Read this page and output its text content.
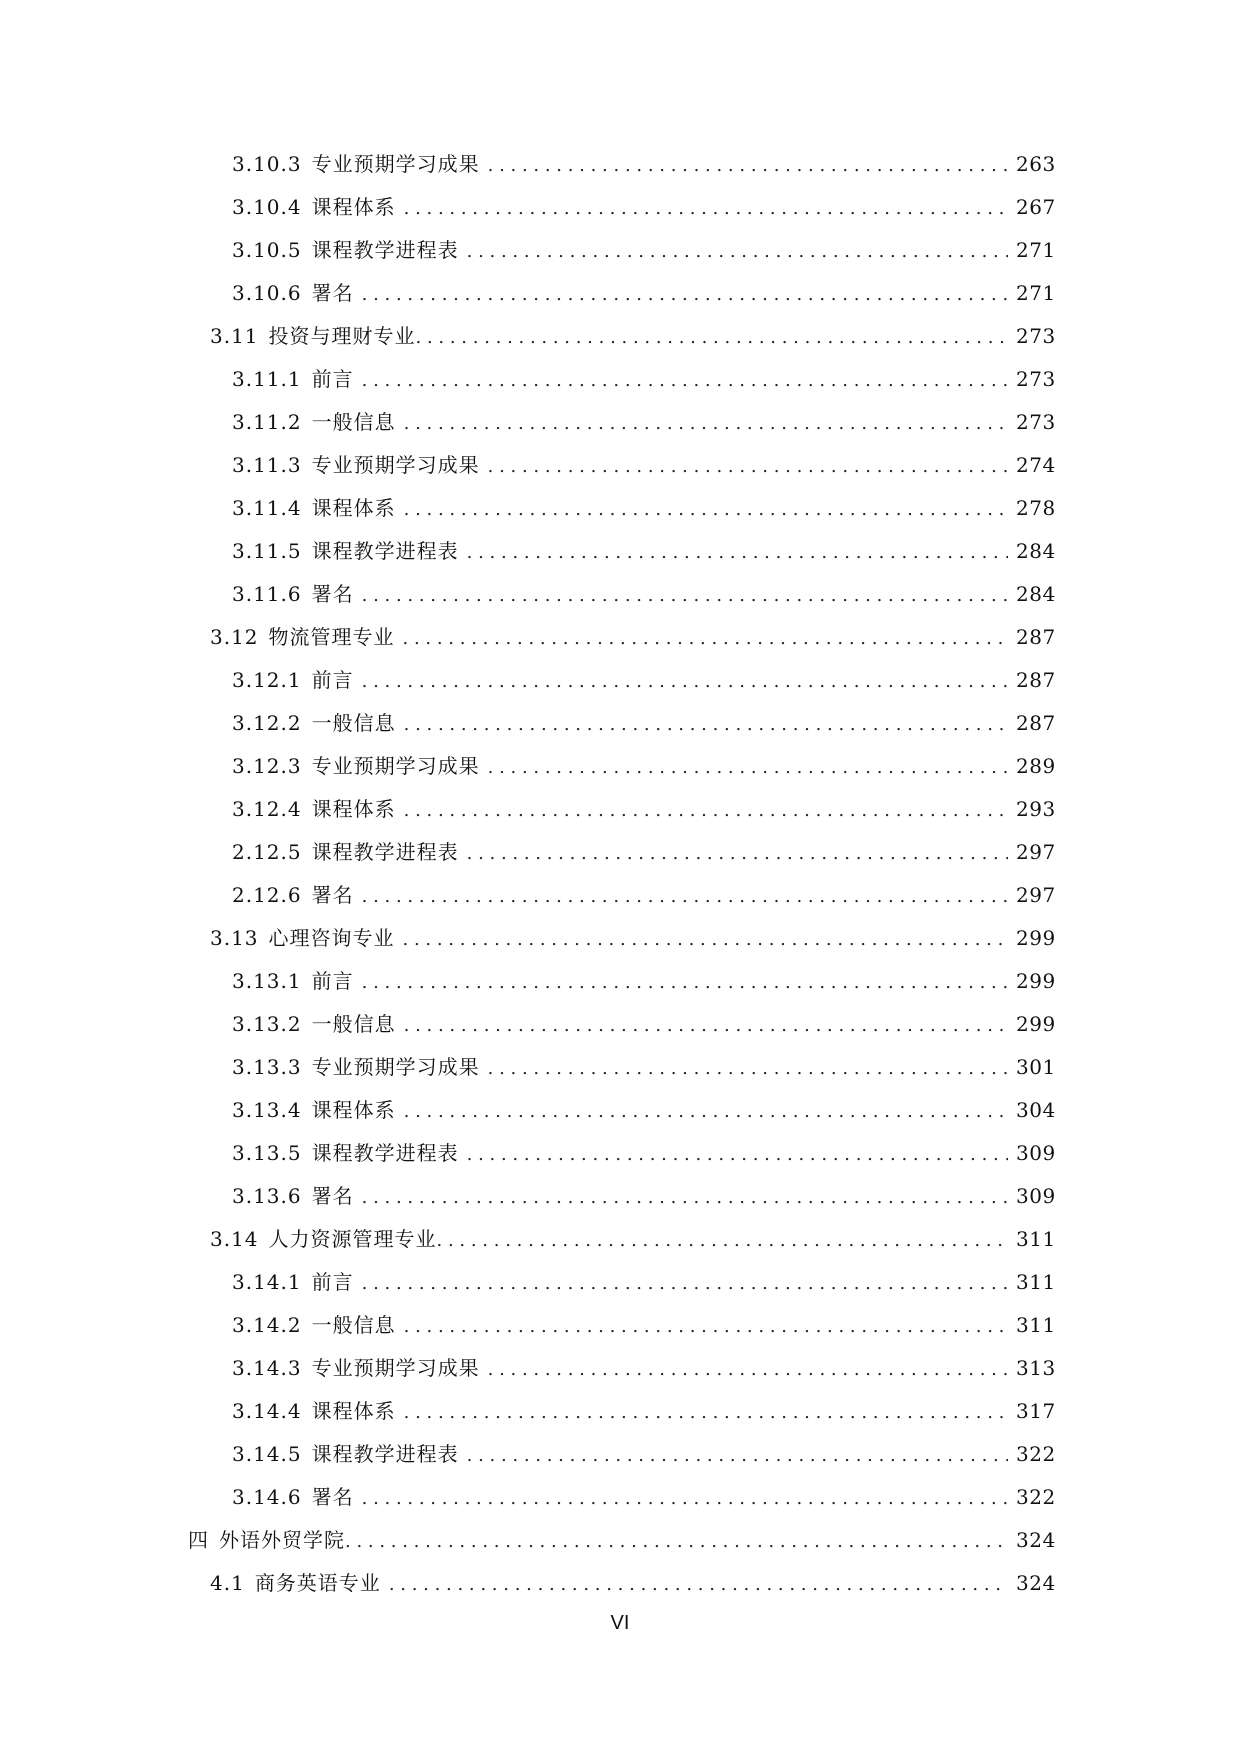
3.10.3 专业预期学习成果 . . .	263
3.10.4 课程体系 . . .	267
3.10.5 课程教学进程表 . . .	271
3.10.6 署名 . . .	271
3.11 投资与理财专业 . . .	273
3.11.1 前言 . . .	273
3.11.2 一般信息 . . .	273
3.11.3 专业预期学习成果 . . .	274
3.11.4 课程体系 . . .	278
3.11.5 课程教学进程表 . . .	284
3.11.6 署名 . . .	284
3.12 物流管理专业 . . .	287
3.12.1 前言 . . .	287
3.12.2 一般信息 . . .	287
3.12.3 专业预期学习成果 . . .	289
3.12.4 课程体系 . . .	293
2.12.5 课程教学进程表 . . .	297
2.12.6 署名 . . .	297
3.13 心理咨询专业 . . .	299
3.13.1 前言 . . .	299
3.13.2 一般信息 . . .	299
3.13.3 专业预期学习成果 . . .	301
3.13.4 课程体系 . . .	304
3.13.5 课程教学进程表 . . .	309
3.13.6 署名 . . .	309
3.14 人力资源管理专业 . . .	311
3.14.1 前言 . . .	311
3.14.2 一般信息 . . .	311
3.14.3 专业预期学习成果 . . .	313
3.14.4 课程体系 . . .	317
3.14.5 课程教学进程表 . . .	322
3.14.6 署名 . . .	322
四 外语外贸学院 . . .	324
4.1 商务英语专业 . . .	324
VI
